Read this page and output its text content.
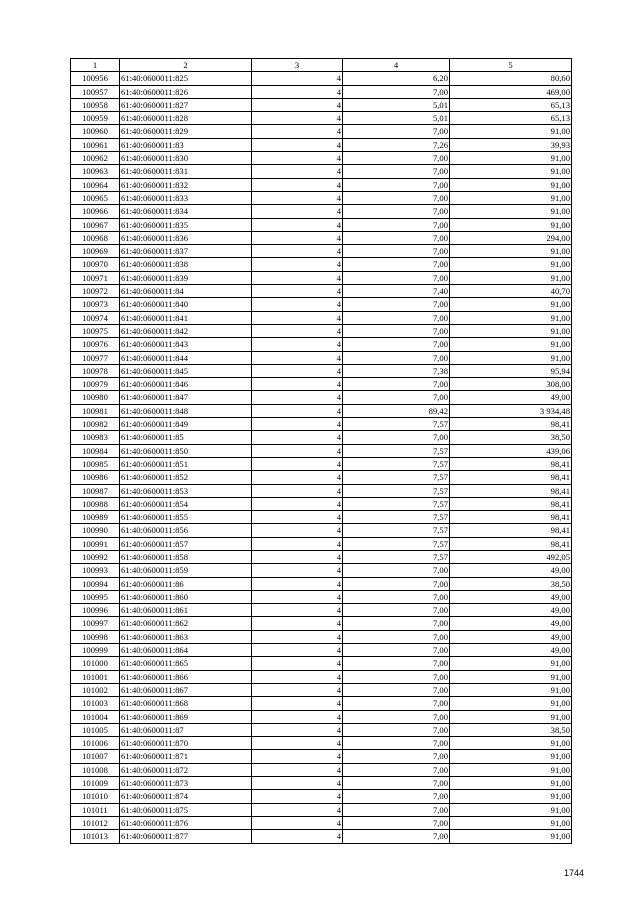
1	2	3	4	5
100956	61:40:0600011:825	4	6,20	80,60
100957	61:40:0600011:826	4	7,00	469,00
100958	61:40:0600011:827	4	5,01	65,13
100959	61:40:0600011:828	4	5,01	65,13
100960	61:40:0600011:829	4	7,00	91,00
100961	61:40:0600011:83	4	7,26	39,93
100962	61:40:0600011:830	4	7,00	91,00
100963	61:40:0600011:831	4	7,00	91,00
100964	61:40:0600011:832	4	7,00	91,00
100965	61:40:0600011:833	4	7,00	91,00
100966	61:40:0600011:834	4	7,00	91,00
100967	61:40:0600011:835	4	7,00	91,00
100968	61:40:0600011:836	4	7,00	294,00
100969	61:40:0600011:837	4	7,00	91,00
100970	61:40:0600011:838	4	7,00	91,00
100971	61:40:0600011:839	4	7,00	91,00
100972	61:40:0600011:84	4	7,40	40,70
100973	61:40:0600011:840	4	7,00	91,00
100974	61:40:0600011:841	4	7,00	91,00
100975	61:40:0600011:842	4	7,00	91,00
100976	61:40:0600011:843	4	7,00	91,00
100977	61:40:0600011:844	4	7,00	91,00
100978	61:40:0600011:845	4	7,38	95,94
100979	61:40:0600011:846	4	7,00	308,00
100980	61:40:0600011:847	4	7,00	49,00
100981	61:40:0600011:848	4	89,42	3 934,48
100982	61:40:0600011:849	4	7,57	98,41
100983	61:40:0600011:85	4	7,00	38,50
100984	61:40:0600011:850	4	7,57	439,06
100985	61:40:0600011:851	4	7,57	98,41
100986	61:40:0600011:852	4	7,57	98,41
100987	61:40:0600011:853	4	7,57	98,41
100988	61:40:0600011:854	4	7,57	98,41
100989	61:40:0600011:855	4	7,57	98,41
100990	61:40:0600011:856	4	7,57	98,41
100991	61:40:0600011:857	4	7,57	98,41
100992	61:40:0600011:858	4	7,57	492,05
100993	61:40:0600011:859	4	7,00	49,00
100994	61:40:0600011:86	4	7,00	38,50
100995	61:40:0600011:860	4	7,00	49,00
100996	61:40:0600011:861	4	7,00	49,00
100997	61:40:0600011:862	4	7,00	49,00
100998	61:40:0600011:863	4	7,00	49,00
100999	61:40:0600011:864	4	7,00	49,00
101000	61:40:0600011:865	4	7,00	91,00
101001	61:40:0600011:866	4	7,00	91,00
101002	61:40:0600011:867	4	7,00	91,00
101003	61:40:0600011:868	4	7,00	91,00
101004	61:40:0600011:869	4	7,00	91,00
101005	61:40:0600011:87	4	7,00	38,50
101006	61:40:0600011:870	4	7,00	91,00
101007	61:40:0600011:871	4	7,00	91,00
101008	61:40:0600011:872	4	7,00	91,00
101009	61:40:0600011:873	4	7,00	91,00
101010	61:40:0600011:874	4	7,00	91,00
101011	61:40:0600011:875	4	7,00	91,00
101012	61:40:0600011:876	4	7,00	91,00
101013	61:40:0600011:877	4	7,00	91,00
1744
